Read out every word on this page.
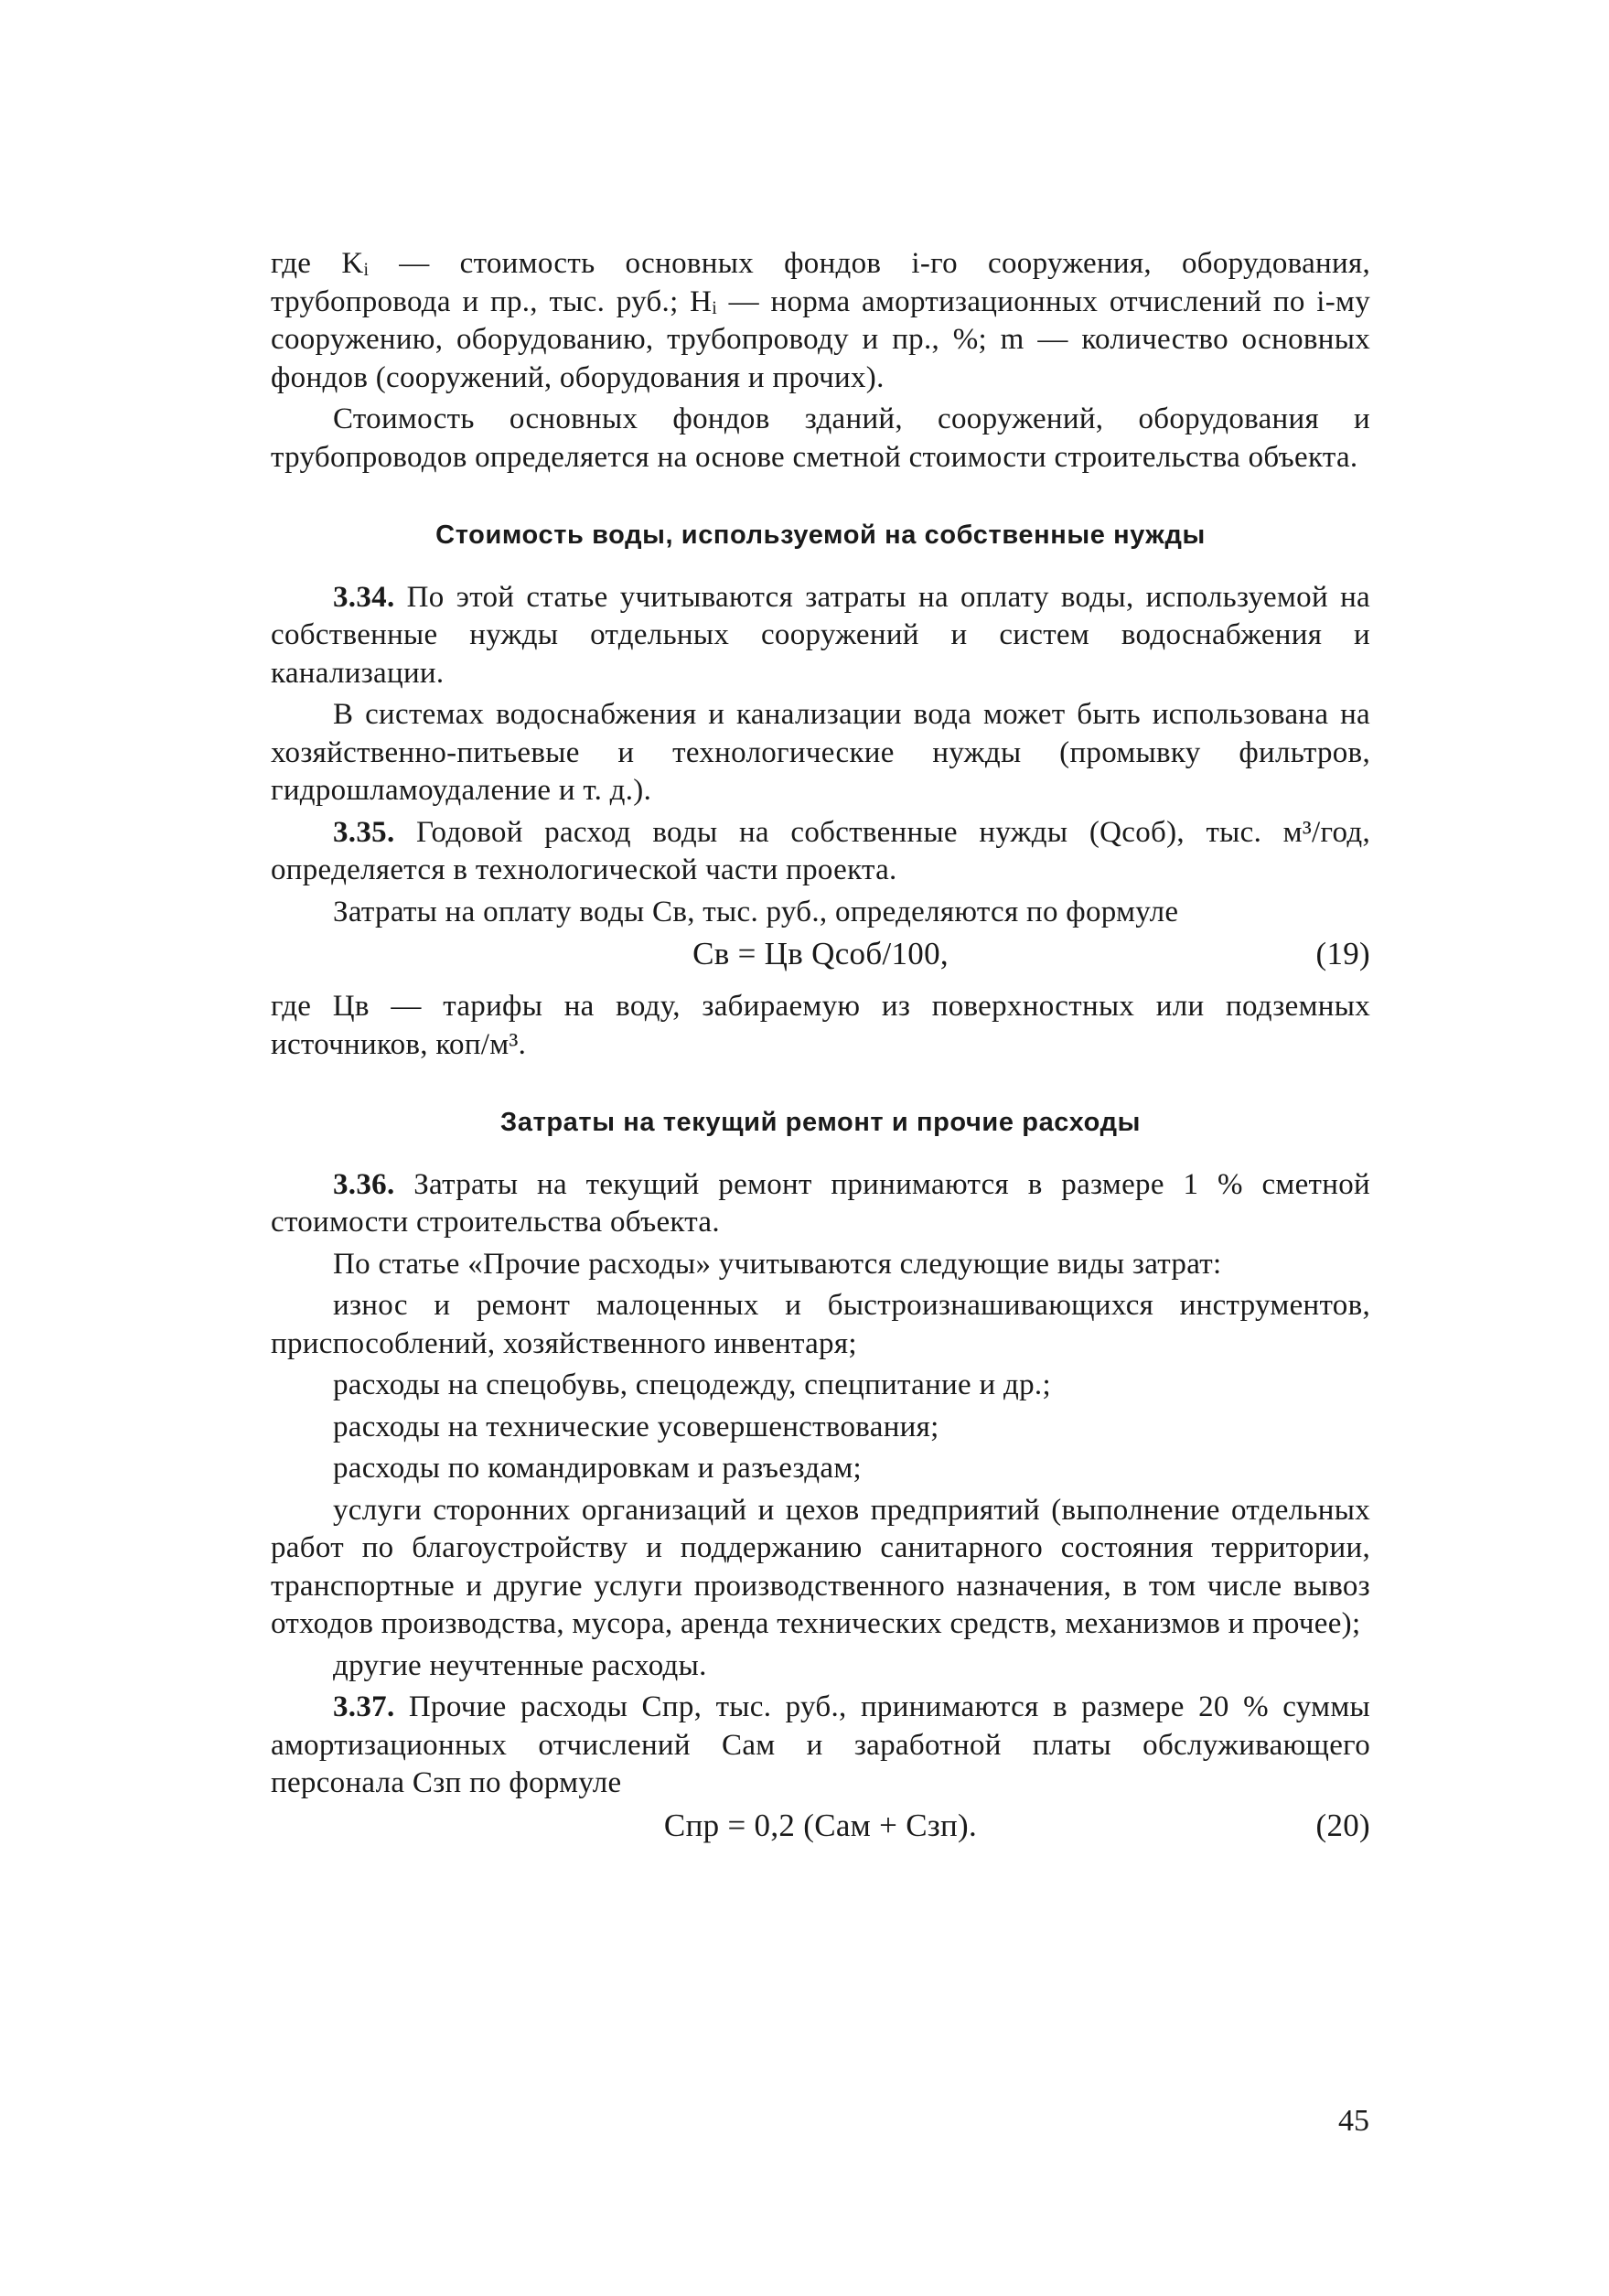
где Kᵢ — стоимость основных фондов i-го сооружения, оборудования, трубопровода и пр., тыс. руб.; Hᵢ — норма амортизационных отчислений по i-му сооружению, оборудованию, трубопроводу и пр., %; m — количество основных фондов (сооружений, оборудования и прочих).

Стоимость основных фондов зданий, сооружений, оборудования и трубопроводов определяется на основе сметной стоимости строительства объекта.

Стоимость воды, используемой на собственные нужды

3.34. По этой статье учитываются затраты на оплату воды, используемой на собственные нужды отдельных сооружений и систем водоснабжения и канализации.

В системах водоснабжения и канализации вода может быть использована на хозяйственно-питьевые и технологические нужды (промывку фильтров, гидрошламоудаление и т. д.).

3.35. Годовой расход воды на собственные нужды (Qсоб), тыс. м³/год, определяется в технологической части проекта.

Затраты на оплату воды Cв, тыс. руб., определяются по формуле

Cв = Цв Qсоб/100,	(19)

где Цв — тарифы на воду, забираемую из поверхностных или подземных источников, коп/м³.

Затраты на текущий ремонт и прочие расходы

3.36. Затраты на текущий ремонт принимаются в размере 1 % сметной стоимости строительства объекта.

По статье «Прочие расходы» учитываются следующие виды затрат:

износ и ремонт малоценных и быстроизнашивающихся инструментов, приспособлений, хозяйственного инвентаря;

расходы на спецобувь, спецодежду, спецпитание и др.;

расходы на технические усовершенствования;

расходы по командировкам и разъездам;

услуги сторонних организаций и цехов предприятий (выполнение отдельных работ по благоустройству и поддержанию санитарного состояния территории, транспортные и другие услуги производственного назначения, в том числе вывоз отходов производства, мусора, аренда технических средств, механизмов и прочее);

другие неучтенные расходы.

3.37. Прочие расходы Cпр, тыс. руб., принимаются в размере 20 % суммы амортизационных отчислений Cам и заработной платы обслуживающего персонала Cзп по формуле

Cпр = 0,2 (Cам + Cзп).	(20)
45
